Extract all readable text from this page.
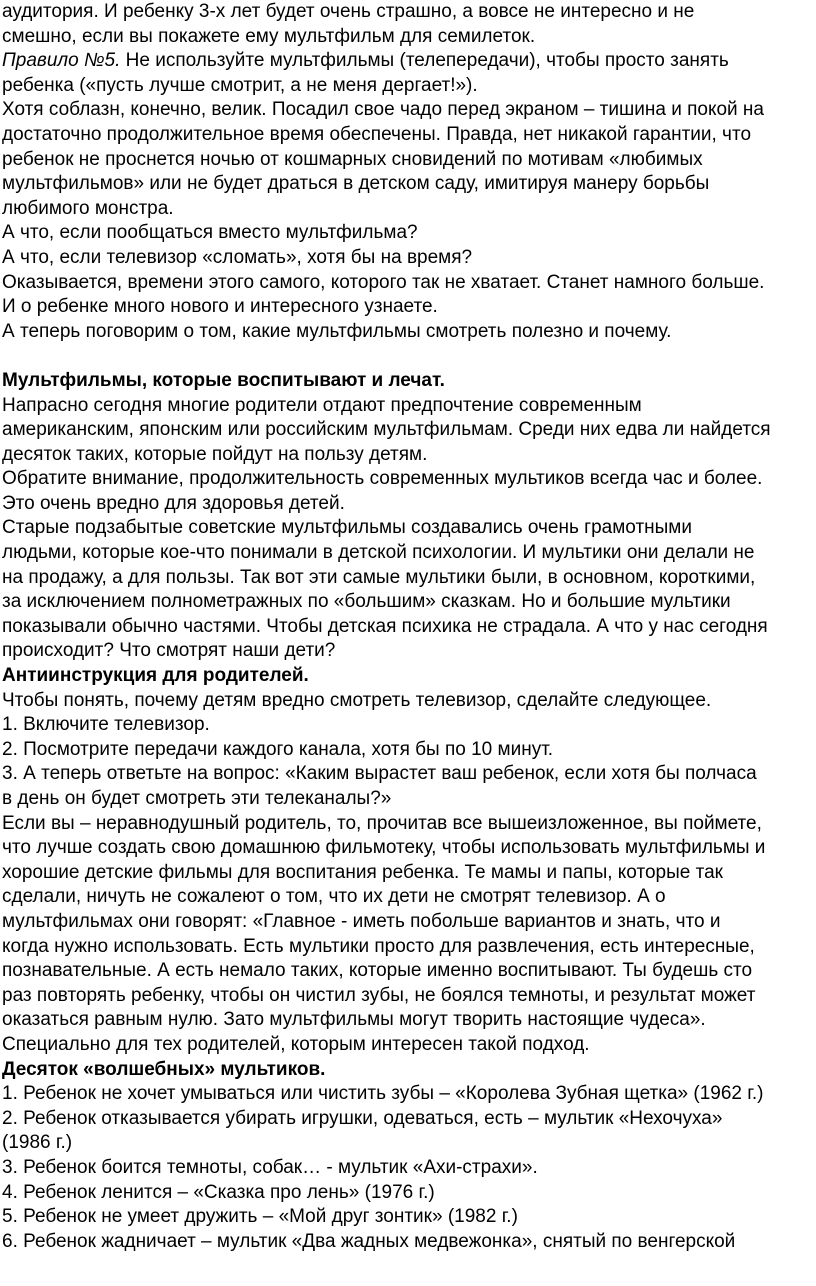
аудитория. И ребенку 3-х лет будет очень страшно, а вовсе не интересно и не
смешно, если вы покажете ему мультфильм для семилеток.

Правило №5. Не используйте мультфильмы (телепередачи), чтобы просто занять
ребенка («пусть лучше смотрит, а не меня дергает!»).

Хотя соблазн, конечно, велик. Посадил свое чадо перед экраном – тишина и покой на
достаточно продолжительное время обеспечены. Правда, нет никакой гарантии, что
ребенок не проснется ночью от кошмарных сновидений по мотивам «любимых
мультфильмов» или не будет драться в детском саду, имитируя манеру борьбы
любимого монстра.

А что, если пообщаться вместо мультфильма?

А что, если телевизор «сломать», хотя бы на время?

Оказывается, времени этого самого, которого так не хватает. Станет намного больше.
И о ребенке много нового и интересного узнаете.

А теперь поговорим о том, какие мультфильмы смотреть полезно и почему.

Мультфильмы, которые воспитывают и лечат.

Напрасно сегодня многие родители отдают предпочтение современным
американским, японским или российским мультфильмам. Среди них едва ли найдется
десяток таких, которые пойдут на пользу детям.

Обратите внимание, продолжительность современных мультиков всегда час и более.
Это очень вредно для здоровья детей.

Старые подзабытые советские мультфильмы создавались очень грамотными
людьми, которые кое-что понимали в детской психологии. И мультики они делали не
на продажу, а для пользы. Так вот эти самые мультики были, в основном, короткими,
за исключением полнометражных по «большим» сказкам. Но и большие мультики
показывали обычно частями. Чтобы детская психика не страдала. А что у нас сегодня
происходит? Что смотрят наши дети?

Антиинструкция для родителей.

Чтобы понять, почему детям вредно смотреть телевизор, сделайте следующее.

1. Включите телевизор.

2. Посмотрите передачи каждого канала, хотя бы по 10 минут.

3. А теперь ответьте на вопрос: «Каким вырастет ваш ребенок, если хотя бы полчаса
в день он будет смотреть эти телеканалы?»

Если вы – неравнодушный родитель, то, прочитав все вышеизложенное, вы поймете,
что лучше создать свою домашнюю фильмотеку, чтобы использовать мультфильмы и
хорошие детские фильмы для воспитания ребенка. Те мамы и папы, которые так
сделали, ничуть не сожалеют о том, что их дети не смотрят телевизор. А о
мультфильмах они говорят: «Главное - иметь побольше вариантов и знать, что и
когда нужно использовать. Есть мультики просто для развлечения, есть интересные,
познавательные. А есть немало таких, которые именно воспитывают. Ты будешь сто
раз повторять ребенку, чтобы он чистил зубы, не боялся темноты, и результат может
оказаться равным нулю. Зато мультфильмы могут творить настоящие чудеса».

Специально для тех родителей, которым интересен такой подход.

Десяток «волшебных» мультиков.

1. Ребенок не хочет умываться или чистить зубы – «Королева Зубная щетка» (1962 г.)

2. Ребенок отказывается убирать игрушки, одеваться, есть – мультик «Нехочуха»
(1986 г.)

3. Ребенок боится темноты, собак… - мультик «Ахи-страхи».

4. Ребенок ленится – «Сказка про лень» (1976 г.)

5. Ребенок не умеет дружить – «Мой друг зонтик» (1982 г.)

6. Ребенок жадничает – мультик «Два жадных медвежонка», снятый по венгерской
